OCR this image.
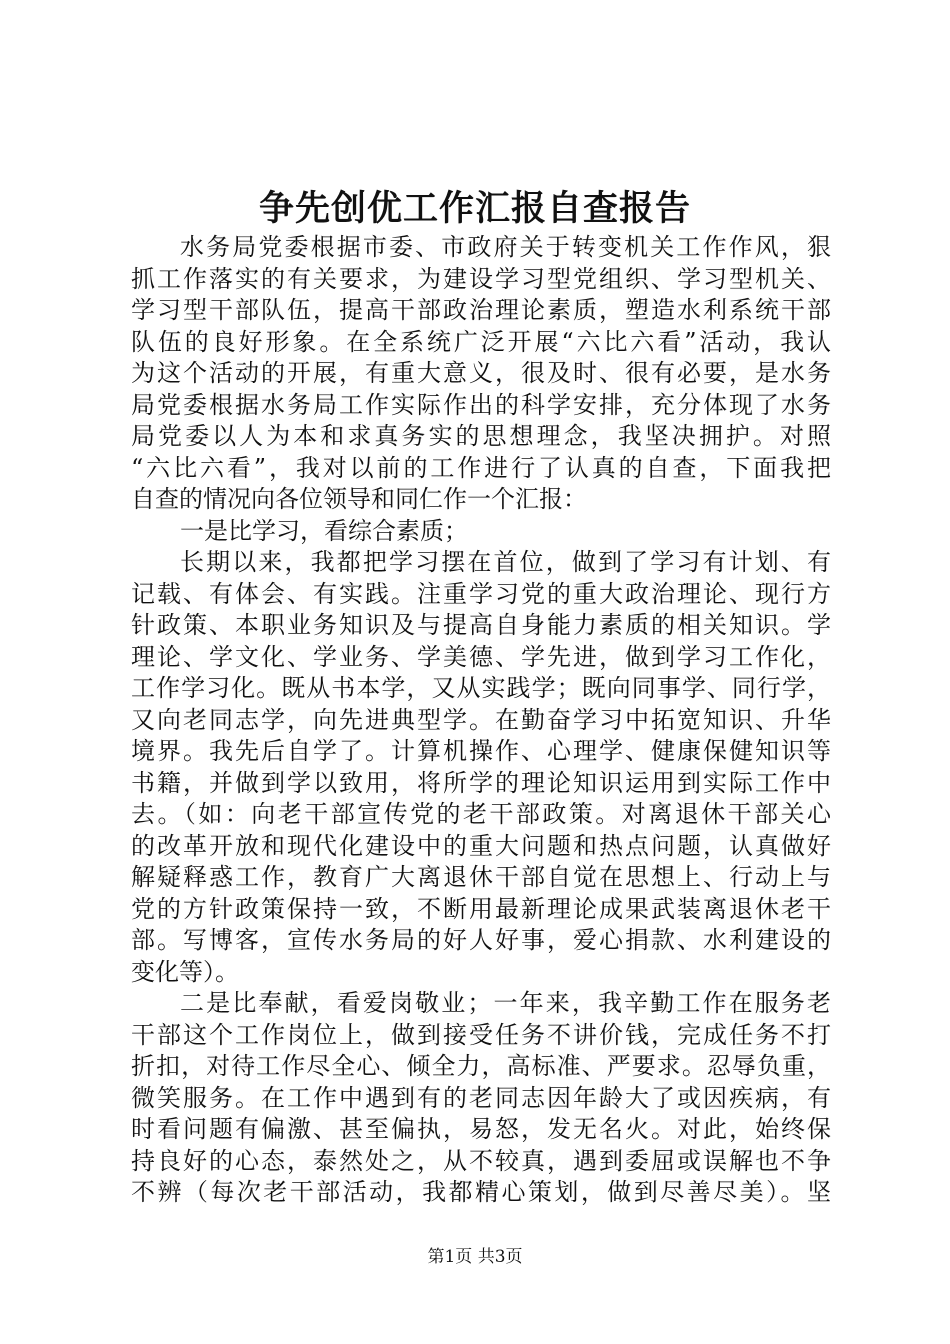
争先创优工作汇报自查报告
水务局党委根据市委、市政府关于转变机关工作作风，狠
抓工作落实的有关要求，为建设学习型党组织、学习型机关、
学习型干部队伍，提高干部政治理论素质，塑造水利系统干部
队伍的良好形象。在全系统广泛开展“六比六看”活动，我认
为这个活动的开展，有重大意义，很及时、很有必要，是水务
局党委根据水务局工作实际作出的科学安排，充分体现了水务
局党委以人为本和求真务实的思想理念，我坚决拥护。对照
“六比六看”，我对以前的工作进行了认真的自查，下面我把
自查的情况向各位领导和同仁作一个汇报：
一是比学习，看综合素质；
长期以来，我都把学习摆在首位，做到了学习有计划、有
记载、有体会、有实践。注重学习党的重大政治理论、现行方
针政策、本职业务知识及与提高自身能力素质的相关知识。学
理论、学文化、学业务、学美德、学先进，做到学习工作化，
工作学习化。既从书本学，又从实践学；既向同事学、同行学，
又向老同志学，向先进典型学。在勤奋学习中拓宽知识、升华
境界。我先后自学了。计算机操作、心理学、健康保健知识等
书籍，并做到学以致用，将所学的理论知识运用到实际工作中
去。（如：向老干部宣传党的老干部政策。对离退休干部关心
的改革开放和现代化建设中的重大问题和热点问题，认真做好
解疑释惑工作，教育广大离退休干部自觉在思想上、行动上与
党的方针政策保持一致，不断用最新理论成果武装离退休老干
部。写博客，宣传水务局的好人好事，爱心捐款、水利建设的
变化等）。
二是比奉献，看爱岗敬业；一年来，我辛勤工作在服务老
干部这个工作岗位上，做到接受任务不讲价钱，完成任务不打
折扣，对待工作尽全心、倾全力，高标准、严要求。忍辱负重，
微笑服务。在工作中遇到有的老同志因年龄大了或因疾病，有
时看问题有偏激、甚至偏执，易怒，发无名火。对此，始终保
持良好的心态，泰然处之，从不较真，遇到委屈或误解也不争
不辨（每次老干部活动，我都精心策划，做到尽善尽美）。坚
第1页 共3页
